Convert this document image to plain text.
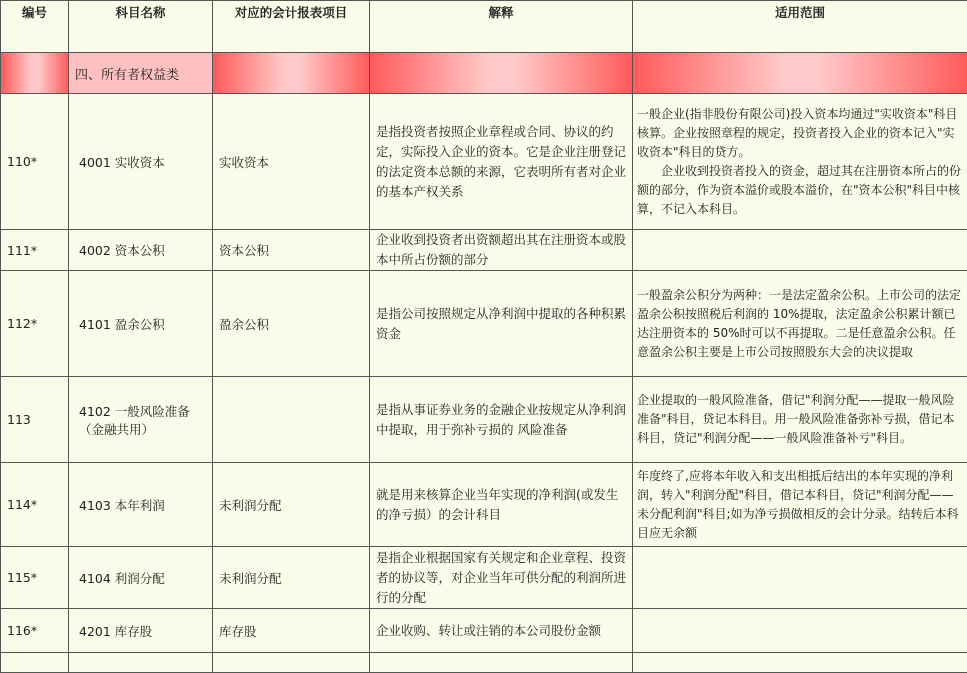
编号	科目名称	对应的会计报表项目	解释	适用范围
	四、所有者权益类			
110*	4001 实收资本	实收资本	是指投资者按照企业章程或合同、协议的约定，实际投入企业的资本。它是企业注册登记的法定资本总额的来源，它表明所有者对企业的基本产权关系	一般企业(指非股份有限公司)投入资本均通过"实收资本"科目核算。企业按照章程的规定，投资者投入企业的资本记入"实收资本"科目的贷方。
　　企业收到投资者投入的资金，超过其在注册资本所占的份额的部分，作为资本溢价或股本溢价，在"资本公积"科目中核算，不记入本科目。
111*	4002 资本公积	资本公积	企业收到投资者出资额超出其在注册资本或股本中所占份额的部分	
112*	4101 盈余公积	盈余公积	是指公司按照规定从净利润中提取的各种积累资金	一般盈余公积分为两种：一是法定盈余公积。上市公司的法定盈余公积按照税后利润的 10%提取，法定盈余公积累计额已达注册资本的 50%时可以不再提取。二是任意盈余公积。任意盈余公积主要是上市公司按照股东大会的决议提取
113	4102 一般风险准备（金融共用）		是指从事证券业务的金融企业按规定从净利润中提取，用于弥补亏损的 风险准备	企业提取的一般风险准备，借记"利润分配——提取一般风险准备"科目，贷记本科目。用一般风险准备弥补亏损，借记本科目，贷记"利润分配——一般风险准备补亏"科目。
114*	4103 本年利润	未利润分配	就是用来核算企业当年实现的净利润(或发生的净亏损）的会计科目	年度终了,应将本年收入和支出相抵后结出的本年实现的净利润，转入"利润分配"科目，借记本科目，贷记"利润分配——未分配利润"科目;如为净亏损做相反的会计分录。结转后本科目应无余额
115*	4104 利润分配	未利润分配	是指企业根据国家有关规定和企业章程、投资者的协议等，对企业当年可供分配的利润所进行的分配	
116*	4201 库存股	库存股	企业收购、转让或注销的本公司股份金额	
